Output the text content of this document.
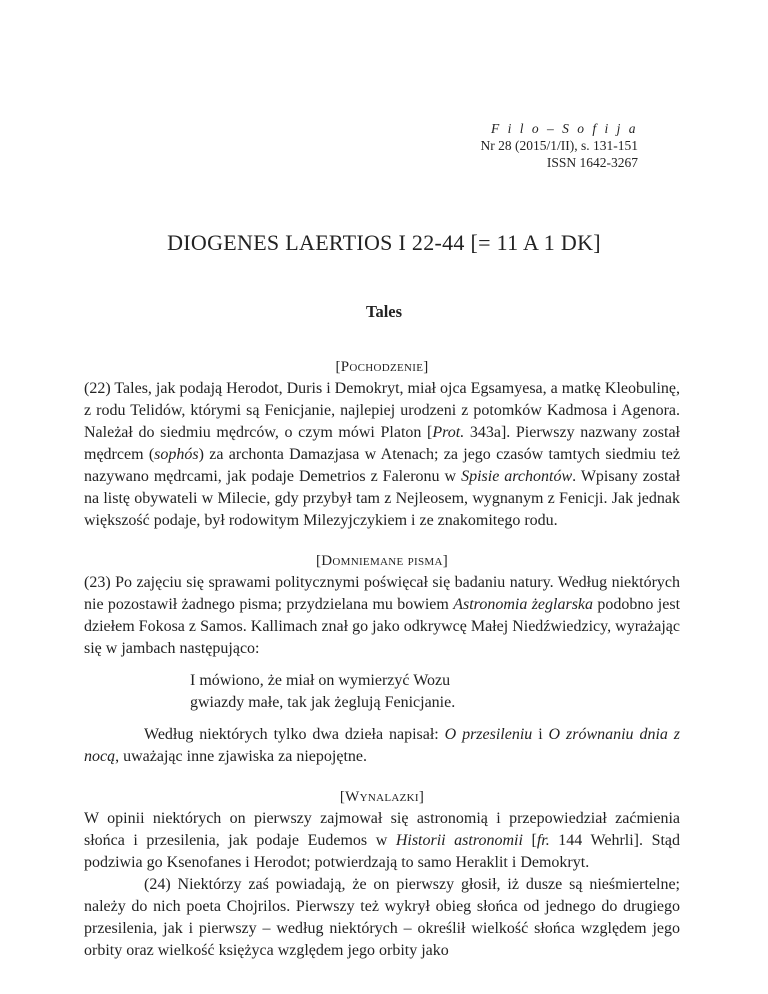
F i l o – S o f i j a
Nr 28 (2015/1/II), s. 131-151
ISSN 1642-3267
DIOGENES LAERTIOS I 22-44 [= 11 A 1 DK]
Tales
[Pochodzenie]

(22) Tales, jak podają Herodot, Duris i Demokryt, miał ojca Egsamyesa, a matkę Kleobulinę, z rodu Telidów, którymi są Fenicjanie, najlepiej urodzeni z potomków Kadmosa i Agenora. Należał do siedmiu mędrców, o czym mówi Platon [Prot. 343a]. Pierwszy nazwany został mędrcem (sophós) za archonta Damazjasa w Atenach; za jego czasów tamtych siedmiu też nazywano mędrcami, jak podaje Demetrios z Faleronu w Spisie archontów. Wpisany został na listę obywateli w Milecie, gdy przybył tam z Nejleosem, wygnanym z Fenicji. Jak jednak większość podaje, był rodowitym Milezyjczykiem i ze znakomitego rodu.

[Domniemane pisma]

(23) Po zajęciu się sprawami politycznymi poświęcał się badaniu natury. Według niektórych nie pozostawił żadnego pisma; przydzielana mu bowiem Astronomia żeglarska podobno jest dziełem Fokosa z Samos. Kallimach znał go jako odkrywcę Małej Niedźwiedzicy, wyrażając się w jambach następująco:

I mówiono, że miał on wymierzyć Wozu
gwiazdy małe, tak jak żeglują Fenicjanie.

Według niektórych tylko dwa dzieła napisał: O przesileniu i O zrównaniu dnia z nocą, uważając inne zjawiska za niepojętne.

[Wynalazki]

W opinii niektórych on pierwszy zajmował się astronomią i przepowiedział zaćmienia słońca i przesilenia, jak podaje Eudemos w Historii astronomii [fr. 144 Wehrli]. Stąd podziwia go Ksenofanes i Herodot; potwierdzają to samo Heraklit i Demokryt.

(24) Niektórzy zaś powiadają, że on pierwszy głosił, iż dusze są nieśmiertelne; należy do nich poeta Chojrilos. Pierwszy też wykrył obieg słońca od jednego do drugiego przesilenia, jak i pierwszy – według niektórych – określił wielkość słońca względem jego orbity oraz wielkość księżyca względem jego orbity jako
